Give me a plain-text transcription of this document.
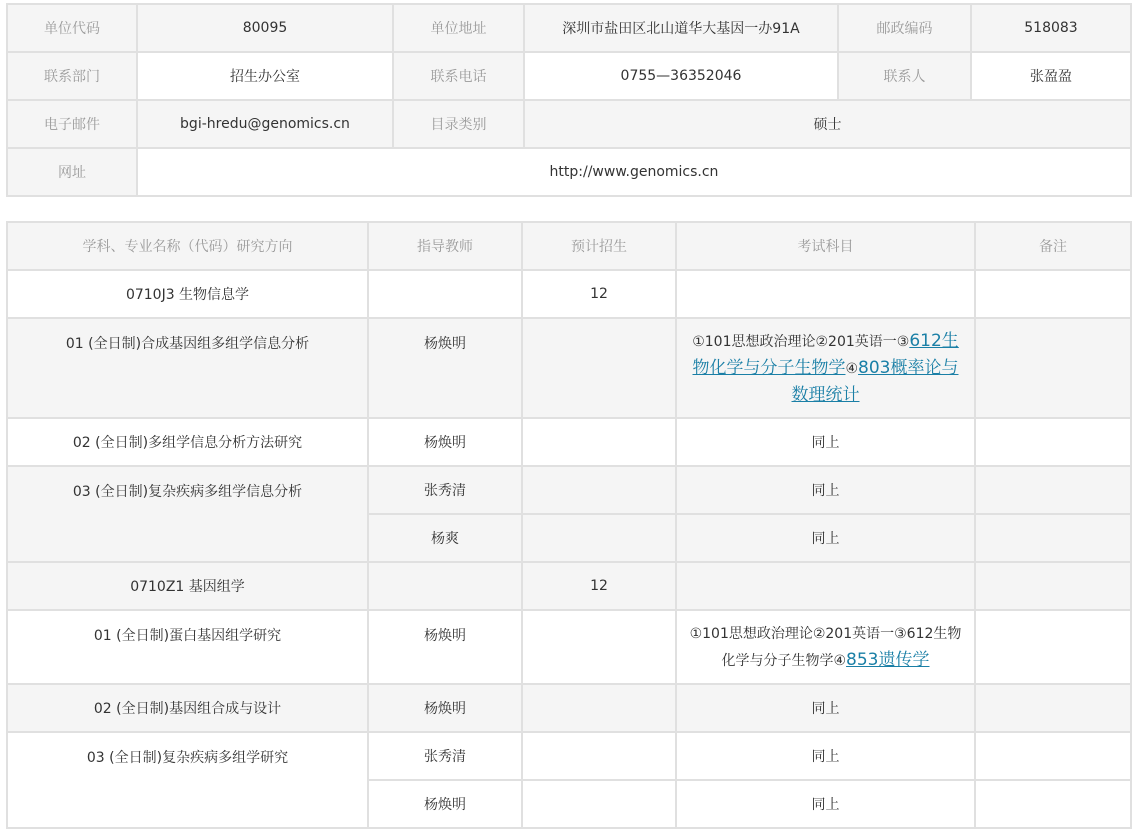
单位代码	80095	单位地址	深圳市盐田区北山道华大基因一办91A	邮政编码	518083
联系部门	招生办公室	联系电话	0755—36352046	联系人	张盈盈
电子邮件	bgi-hredu@genomics.cn	目录类别	硕士		
网址	http://www.genomics.cn				
学科、专业名称（代码）研究方向	指导教师	预计招生	考试科目	备注
0710J3 生物信息学		12		
01 (全日制)合成基因组多组学信息分析	杨焕明		①101思想政治理论②201英语一③612生物化学与分子生物学④803概率论与数理统计	
02 (全日制)多组学信息分析方法研究	杨焕明		同上	
03 (全日制)复杂疾病多组学信息分析	张秀清		同上	
	杨爽		同上	
0710Z1 基因组学		12		
01 (全日制)蛋白基因组学研究	杨焕明		①101思想政治理论②201英语一③612生物化学与分子生物学④853遗传学	
02 (全日制)基因组合成与设计	杨焕明		同上	
03 (全日制)复杂疾病多组学研究	张秀清		同上	
	杨焕明		同上	
